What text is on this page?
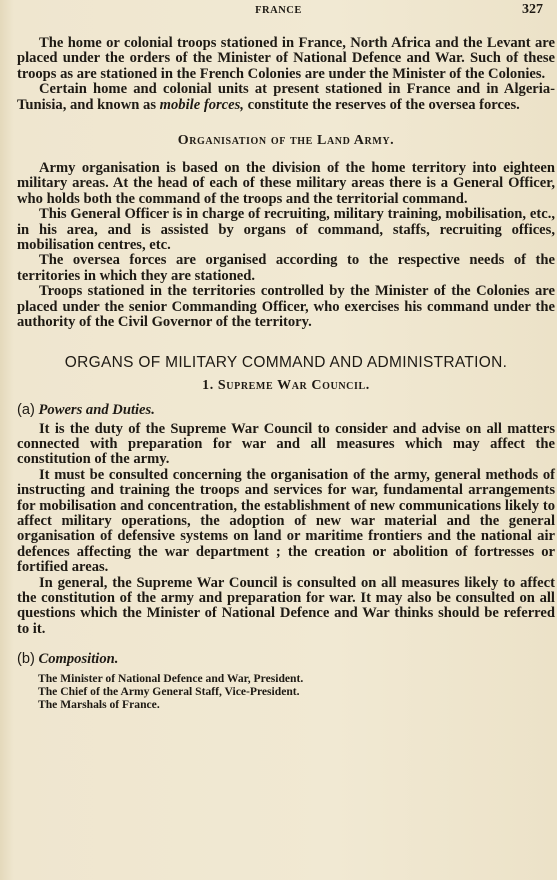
FRANCE	327

The home or colonial troops stationed in France, North Africa and the Levant are placed under the orders of the Minister of National Defence and War. Such of these troops as are stationed in the French Colonies are under the Minister of the Colonies.

Certain home and colonial units at present stationed in France and in Algeria-Tunisia, and known as mobile forces, constitute the reserves of the oversea forces.

Organisation of the Land Army.

Army organisation is based on the division of the home territory into eighteen military areas. At the head of each of these military areas there is a General Officer, who holds both the command of the troops and the territorial command.

This General Officer is in charge of recruiting, military training, mobilisation, etc., in his area, and is assisted by organs of command, staffs, recruiting offices, mobilisation centres, etc.

The oversea forces are organised according to the respective needs of the territories in which they are stationed.

Troops stationed in the territories controlled by the Minister of the Colonies are placed under the senior Commanding Officer, who exercises his command under the authority of the Civil Governor of the territory.

ORGANS OF MILITARY COMMAND AND ADMINISTRATION.
1. Supreme War Council.
(a) Powers and Duties.

It is the duty of the Supreme War Council to consider and advise on all matters connected with preparation for war and all measures which may affect the constitution of the army.

It must be consulted concerning the organisation of the army, general methods of instructing and training the troops and services for war, fundamental arrangements for mobilisation and concentration, the establishment of new communications likely to affect military operations, the adoption of new war material and the general organisation of defensive systems on land or maritime frontiers and the national air defences affecting the war department ; the creation or abolition of fortresses or fortified areas.

In general, the Supreme War Council is consulted on all measures likely to affect the constitution of the army and preparation for war. It may also be consulted on all questions which the Minister of National Defence and War thinks should be referred to it.

(b) Composition.
The Minister of National Defence and War, President.
The Chief of the Army General Staff, Vice-President.
The Marshals of France.
